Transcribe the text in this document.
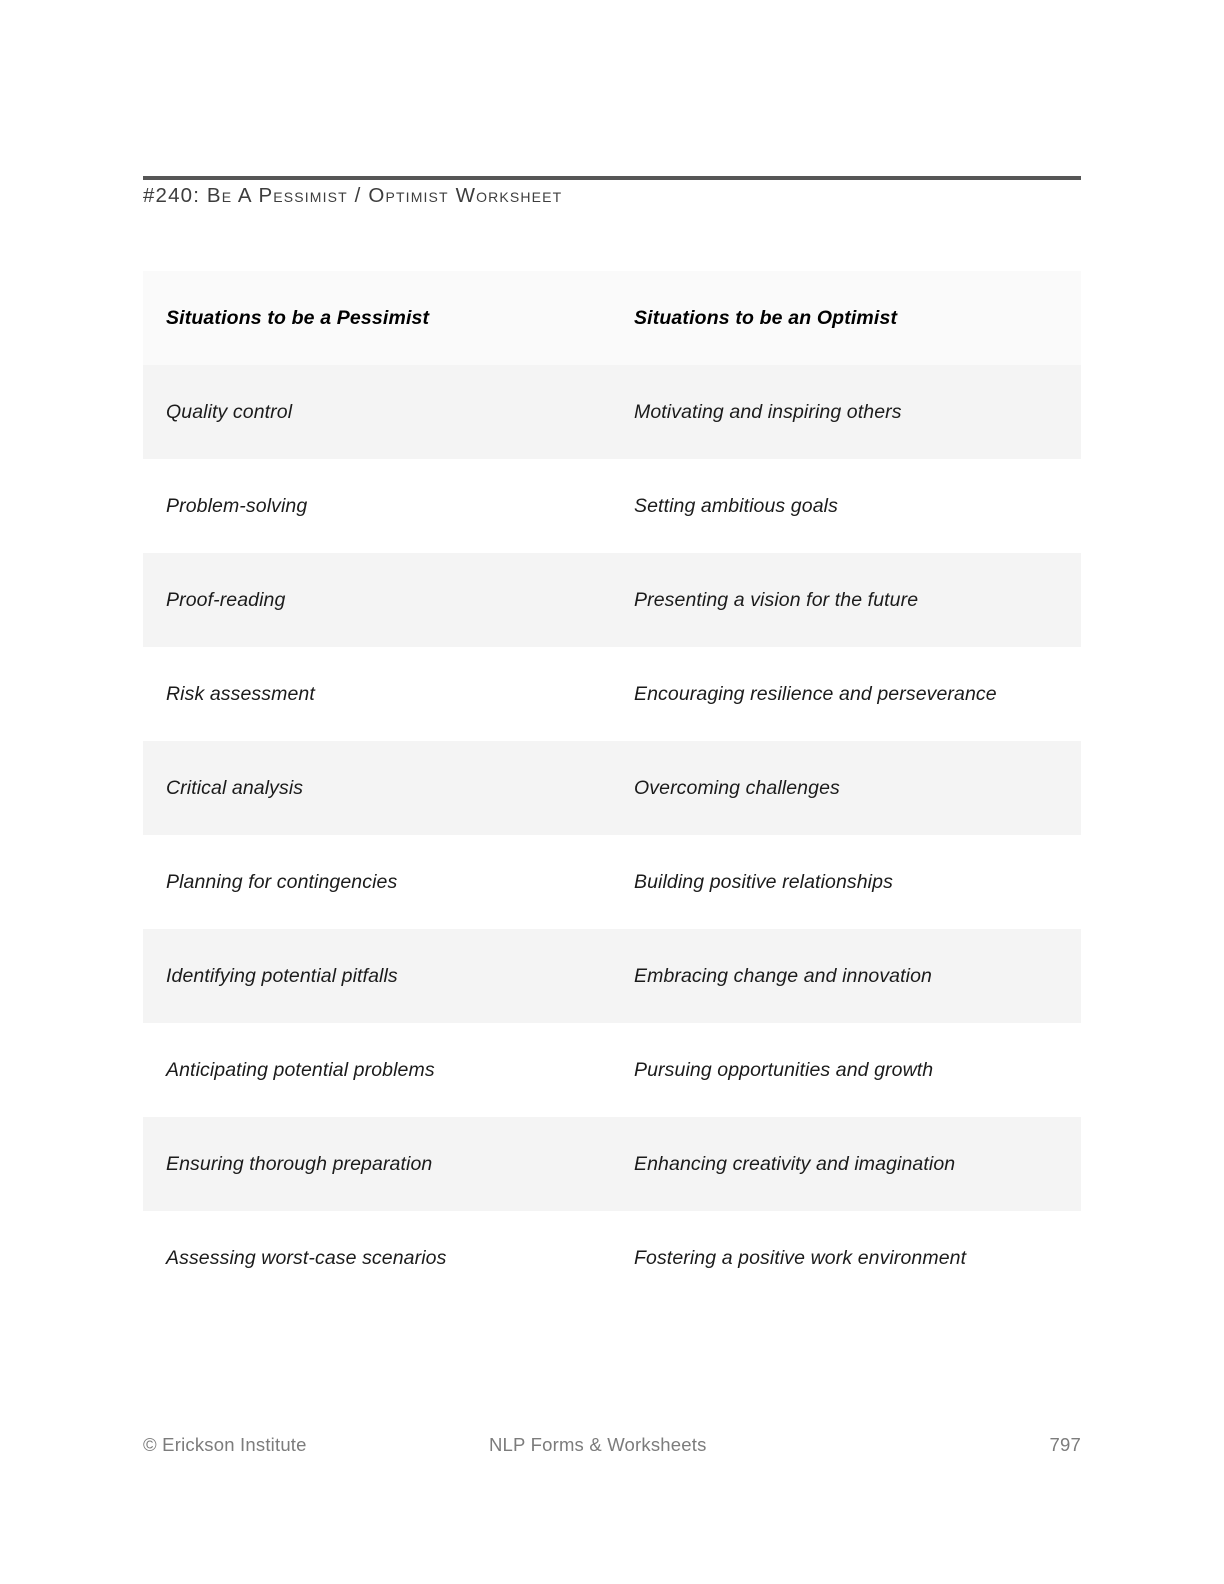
#240: Be A Pessimist / Optimist Worksheet
Situations to be a Pessimist	Situations to be an Optimist
Quality control	Motivating and inspiring others
Problem-solving	Setting ambitious goals
Proof-reading	Presenting a vision for the future
Risk assessment	Encouraging resilience and perseverance
Critical analysis	Overcoming challenges
Planning for contingencies	Building positive relationships
Identifying potential pitfalls	Embracing change and innovation
Anticipating potential problems	Pursuing opportunities and growth
Ensuring thorough preparation	Enhancing creativity and imagination
Assessing worst-case scenarios	Fostering a positive work environment
© Erickson Institute	NLP Forms & Worksheets	797
